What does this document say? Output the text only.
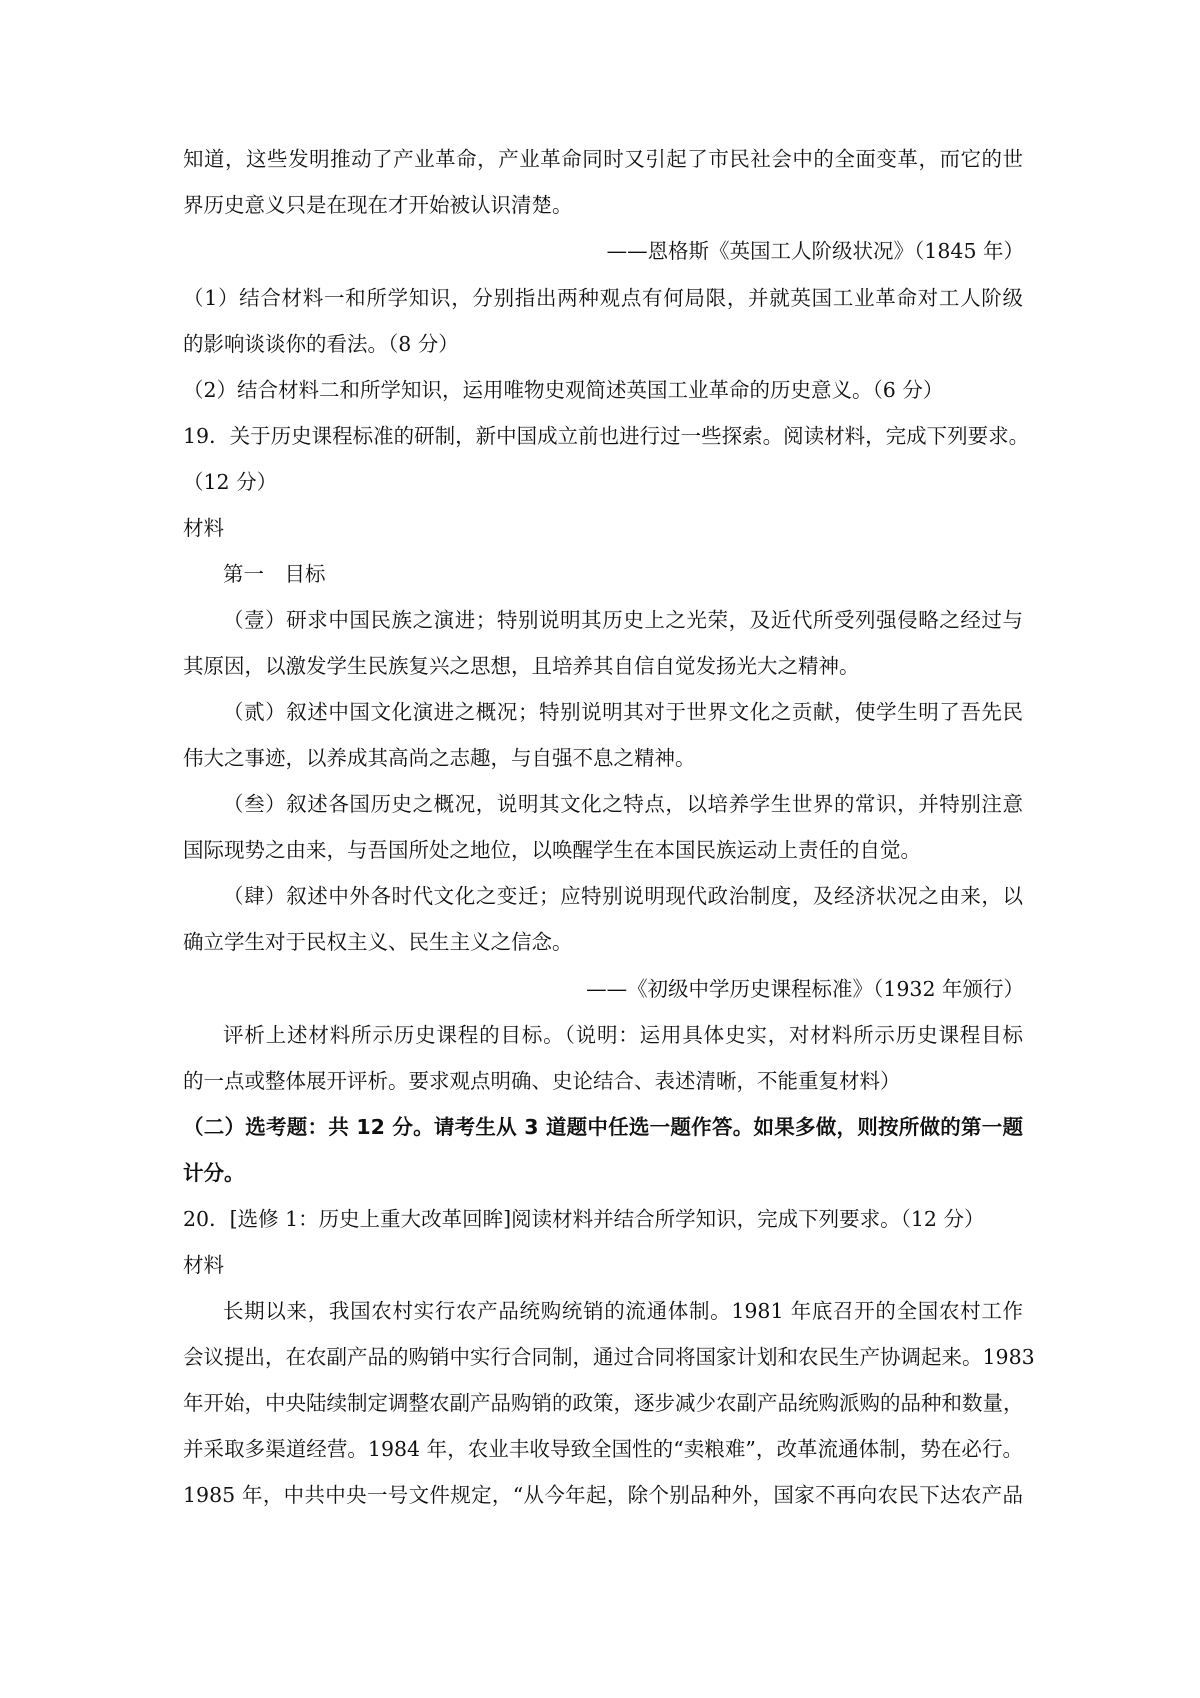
知道，这些发明推动了产业革命，产业革命同时又引起了市民社会中的全面变革，而它的世
界历史意义只是在现在才开始被认识清楚。
——恩格斯《英国工人阶级状况》（1845 年）
（1）结合材料一和所学知识，分别指出两种观点有何局限，并就英国工业革命对工人阶级
的影响谈谈你的看法。（8 分）
（2）结合材料二和所学知识，运用唯物史观简述英国工业革命的历史意义。（6 分）
19．关于历史课程标准的研制，新中国成立前也进行过一些探索。阅读材料，完成下列要求。
（12 分）
材料
第一　目标
（壹）研求中国民族之演进；特别说明其历史上之光荣，及近代所受列强侵略之经过与
其原因，以激发学生民族复兴之思想，且培养其自信自觉发扬光大之精神。
（贰）叙述中国文化演进之概况；特别说明其对于世界文化之贡献，使学生明了吾先民
伟大之事迹，以养成其高尚之志趣，与自强不息之精神。
（叁）叙述各国历史之概况，说明其文化之特点，以培养学生世界的常识，并特别注意
国际现势之由来，与吾国所处之地位，以唤醒学生在本国民族运动上责任的自觉。
（肆）叙述中外各时代文化之变迁；应特别说明现代政治制度，及经济状况之由来，以
确立学生对于民权主义、民生主义之信念。
——《初级中学历史课程标准》（1932 年颁行）
评析上述材料所示历史课程的目标。（说明：运用具体史实，对材料所示历史课程目标
的一点或整体展开评析。要求观点明确、史论结合、表述清晰，不能重复材料）
（二）选考题：共 12 分。请考生从 3 道题中任选一题作答。如果多做，则按所做的第一题
计分。
20．[选修 1：历史上重大改革回眸]阅读材料并结合所学知识，完成下列要求。（12 分）
材料
长期以来，我国农村实行农产品统购统销的流通体制。1981 年底召开的全国农村工作
会议提出，在农副产品的购销中实行合同制，通过合同将国家计划和农民生产协调起来。1983
年开始，中央陆续制定调整农副产品购销的政策，逐步减少农副产品统购派购的品种和数量，
并采取多渠道经营。1984 年，农业丰收导致全国性的“卖粮难”，改革流通体制，势在必行。
1985 年，中共中央一号文件规定，“从今年起，除个别品种外，国家不再向农民下达农产品
